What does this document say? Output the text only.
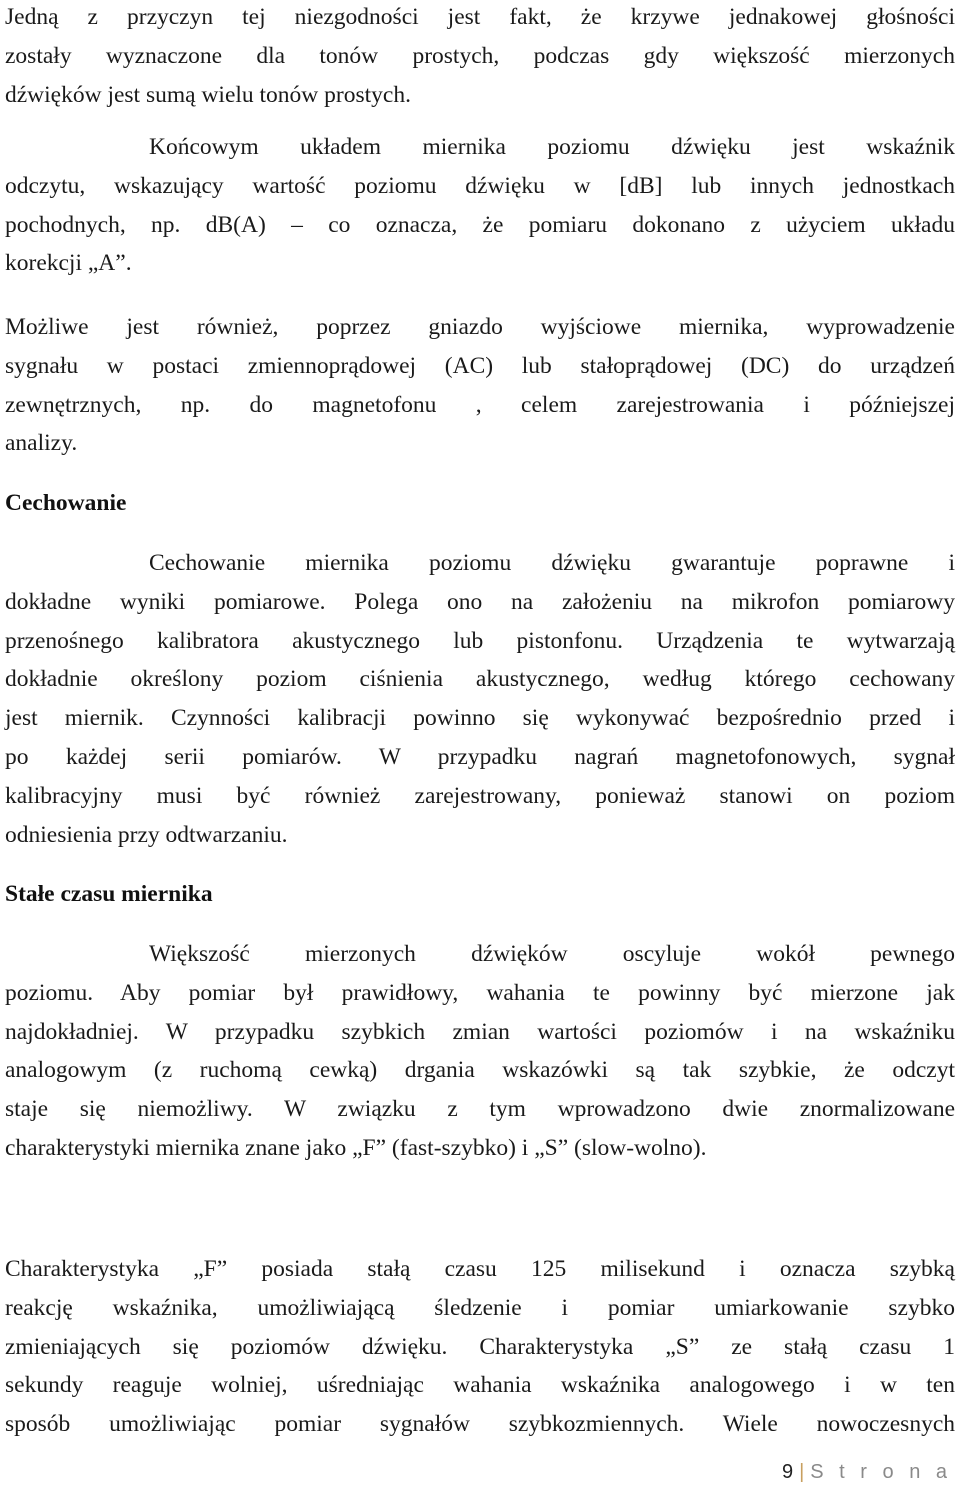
Jedną z przyczyn tej niezgodności jest fakt, że krzywe jednakowej głośności
zostały wyznaczone dla tonów prostych, podczas gdy większość mierzonych
dźwięków jest sumą wielu tonów prostych.
Końcowym układem miernika poziomu dźwięku jest wskaźnik
odczytu, wskazujący wartość poziomu dźwięku w [dB] lub innych jednostkach
pochodnych, np. dB(A) – co oznacza, że pomiaru dokonano z użyciem układu
korekcji „A”.
Możliwe jest również, poprzez gniazdo wyjściowe miernika, wyprowadzenie
sygnału w postaci zmiennoprądowej (AC) lub stałoprądowej (DC) do urządzeń
zewnętrznych, np. do magnetofonu , celem zarejestrowania i późniejszej
analizy.
Cechowanie
Cechowanie miernika poziomu dźwięku gwarantuje poprawne i
dokładne wyniki pomiarowe. Polega ono na założeniu na mikrofon pomiarowy
przenośnego kalibratora akustycznego lub pistonfonu. Urządzenia te wytwarzają
dokładnie określony poziom ciśnienia akustycznego, według którego cechowany
jest miernik. Czynności kalibracji powinno się wykonywać bezpośrednio przed i
po każdej serii pomiarów. W przypadku nagrań magnetofonowych, sygnał
kalibracyjny musi być również zarejestrowany, ponieważ stanowi on poziom
odniesienia przy odtwarzaniu.
Stałe czasu miernika
Większość mierzonych dźwięków oscyluje wokół pewnego
poziomu. Aby pomiar był prawidłowy, wahania te powinny być mierzone jak
najdokładniej. W przypadku szybkich zmian wartości poziomów i na wskaźniku
analogowym (z ruchomą cewką) drgania wskazówki są tak szybkie, że odczyt
staje się niemożliwy. W związku z tym wprowadzono dwie znormalizowane
charakterystyki miernika znane jako „F” (fast-szybko) i „S” (slow-wolno).
Charakterystyka „F” posiada stałą czasu 125 milisekund i oznacza szybką
reakcję wskaźnika, umożliwiającą śledzenie i pomiar umiarkowanie szybko
zmieniających się poziomów dźwięku. Charakterystyka „S” ze stałą czasu 1
sekundy reaguje wolniej, uśredniając wahania wskaźnika analogowego i w ten
sposób umożliwiając pomiar sygnałów szybkozmiennych. Wiele nowoczesnych
9 | S t r o n a
